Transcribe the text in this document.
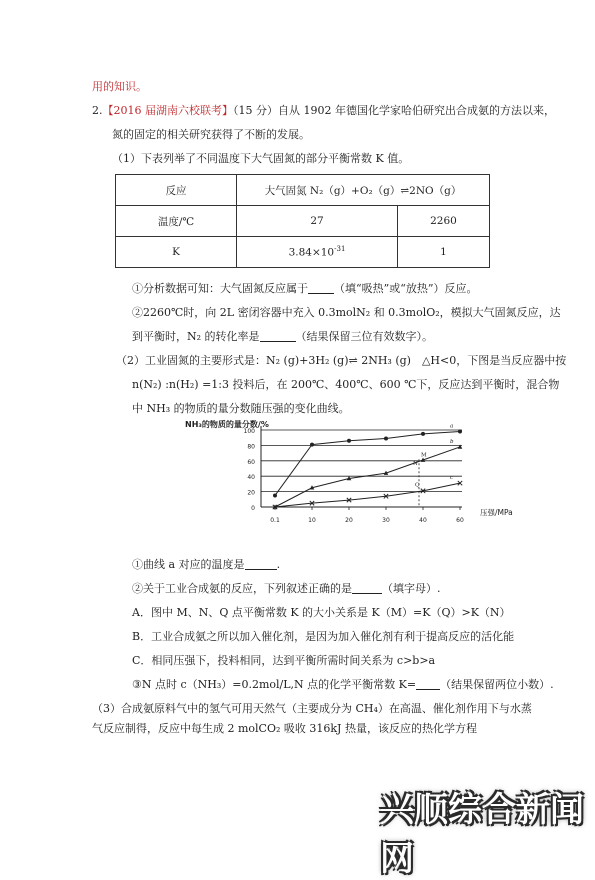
用的知识。
2.【2016 届湖南六校联考】（15 分）自从 1902 年德国化学家哈伯研究出合成氨的方法以来，
氮的固定的相关研究获得了不断的发展。
（1）下表列举了不同温度下大气固氮的部分平衡常数 K 值。
反应	大气固氮 N₂（g）+O₂（g）⇌2NO（g）	
温度/℃	27	2260
K	$3.84\times 10^{-31}$	1
①分析数据可知：大气固氮反应属于 （填“吸热”或“放热”）反应。
②2260℃时，向 2L 密闭容器中充入 0.3molN₂ 和 0.3molO₂，模拟大气固氮反应，达
到平衡时，N₂ 的转化率是	（结果保留三位有效数字）。
（2）工业固氮的主要形式是：N₂ (g)+3H₂ (g)⇌ 2NH₃ (g)　△H<0，下图是当反应器中按
n(N₂) :n(H₂) =1:3 投料后，在 200℃、400℃、600 ℃下，反应达到平衡时，混合物
中 NH₃ 的物质的量分数随压强的变化曲线。
0
20
40
60
80
100
0.1	10	20	30	40	60
NH₃的物质的量分数/%
压强/MPa
a
b
c
M
N
Q
①曲线 a 对应的温度是	.
②关于工业合成氨的反应，下列叙述正确的是	（填字母）.
A．图中 M、N、Q 点平衡常数 K 的大小关系是 K（M）=K（Q）>K（N）
B．工业合成氨之所以加入催化剂，是因为加入催化剂有利于提高反应的活化能
C．相同压强下，投料相同，达到平衡所需时间关系为 c>b>a
③N 点时 c（NH₃）=0.2mol/L,N 点的化学平衡常数 K= （结果保留两位小数）.
（3）合成氨原料气中的氢气可用天然气（主要成分为 CH₄）在高温、催化剂作用下与水蒸
气反应制得，反应中每生成 2 molCO₂ 吸收 316kJ 热量，该反应的热化学方程
兴顺综合新闻网
